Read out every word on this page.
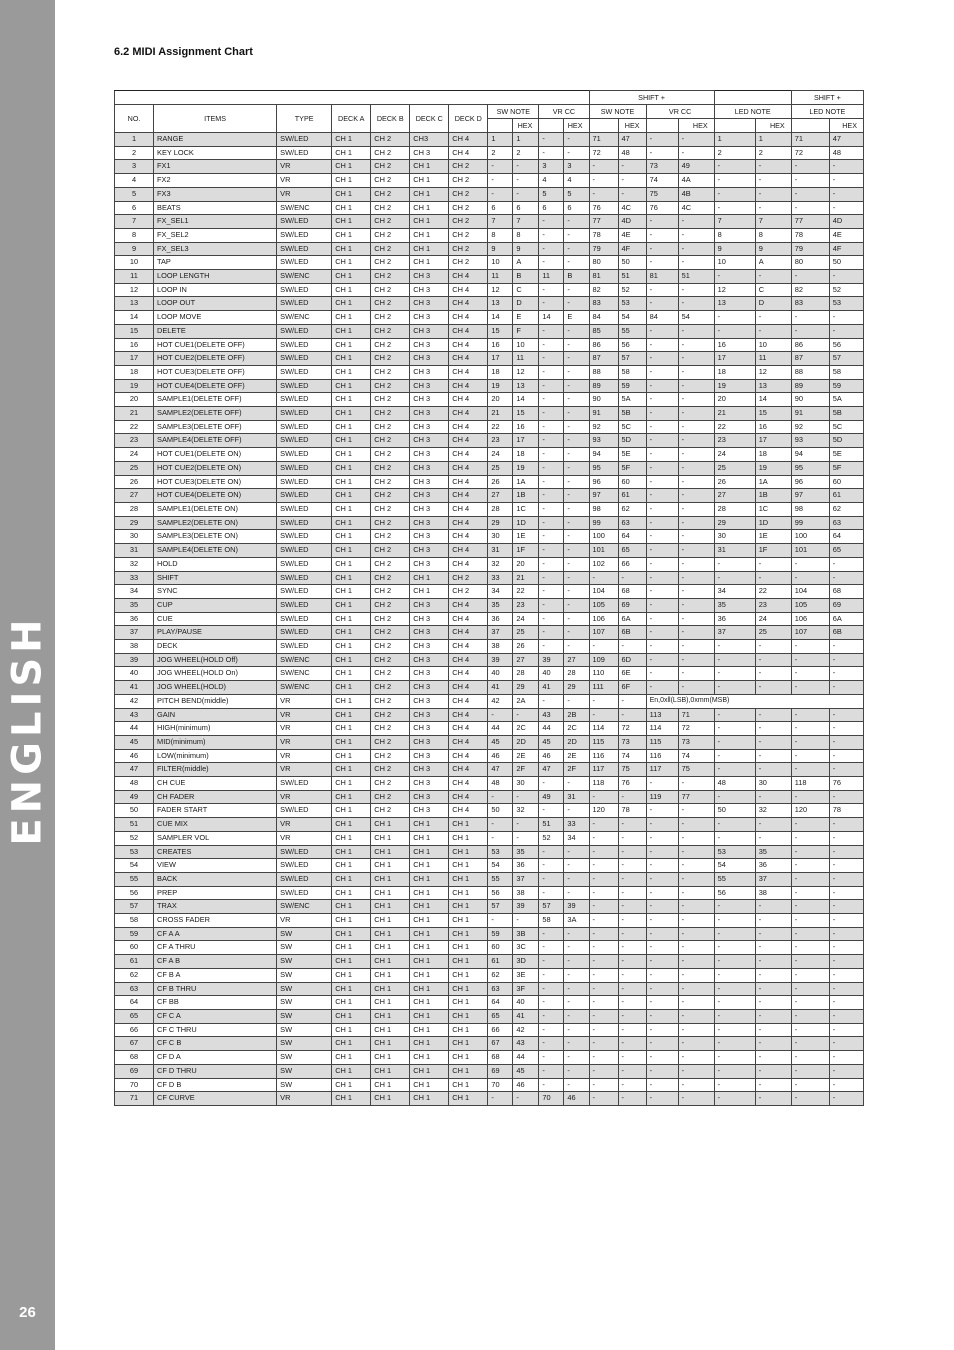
ENGLISH
26
6.2 MIDI Assignment Chart
											SHIFT +						SHIFT +	
NO.	ITEMS	TYPE	DECK A	DECK B	DECK C	DECK D	SW NOTE		VR CC		SW NOTE		VR CC		LED NOTE		LED NOTE	
								HEX		HEX		HEX		HEX		HEX		HEX
1	RANGE	SW/LED	CH 1	CH 2	CH3	CH 4	1	1	-	-	71	47	-	-	1	1	71	47
2	KEY LOCK	SW/LED	CH 1	CH 2	CH 3	CH 4	2	2	-	-	72	48	-	-	2	2	72	48
3	FX1	VR	CH 1	CH 2	CH 1	CH 2	-	-	3	3	-	-	73	49	-	-	-	-
4	FX2	VR	CH 1	CH 2	CH 1	CH 2	-	-	4	4	-	-	74	4A	-	-	-	-
5	FX3	VR	CH 1	CH 2	CH 1	CH 2	-	-	5	5	-	-	75	4B	-	-	-	-
6	BEATS	SW/ENC	CH 1	CH 2	CH 1	CH 2	6	6	6	6	76	4C	76	4C	-	-	-	-
7	FX_SEL1	SW/LED	CH 1	CH 2	CH 1	CH 2	7	7	-	-	77	4D	-	-	7	7	77	4D
8	FX_SEL2	SW/LED	CH 1	CH 2	CH 1	CH 2	8	8	-	-	78	4E	-	-	8	8	78	4E
9	FX_SEL3	SW/LED	CH 1	CH 2	CH 1	CH 2	9	9	-	-	79	4F	-	-	9	9	79	4F
10	TAP	SW/LED	CH 1	CH 2	CH 1	CH 2	10	A	-	-	80	50	-	-	10	A	80	50
11	LOOP LENGTH	SW/ENC	CH 1	CH 2	CH 3	CH 4	11	B	11	B	81	51	81	51	-	-	-	-
12	LOOP IN	SW/LED	CH 1	CH 2	CH 3	CH 4	12	C	-	-	82	52	-	-	12	C	82	52
13	LOOP OUT	SW/LED	CH 1	CH 2	CH 3	CH 4	13	D	-	-	83	53	-	-	13	D	83	53
14	LOOP MOVE	SW/ENC	CH 1	CH 2	CH 3	CH 4	14	E	14	E	84	54	84	54	-	-	-	-
15	DELETE	SW/LED	CH 1	CH 2	CH 3	CH 4	15	F	-	-	85	55	-	-	-	-	-	-
16	HOT CUE1(DELETE OFF)	SW/LED	CH 1	CH 2	CH 3	CH 4	16	10	-	-	86	56	-	-	16	10	86	56
17	HOT CUE2(DELETE OFF)	SW/LED	CH 1	CH 2	CH 3	CH 4	17	11	-	-	87	57	-	-	17	11	87	57
18	HOT CUE3(DELETE OFF)	SW/LED	CH 1	CH 2	CH 3	CH 4	18	12	-	-	88	58	-	-	18	12	88	58
19	HOT CUE4(DELETE OFF)	SW/LED	CH 1	CH 2	CH 3	CH 4	19	13	-	-	89	59	-	-	19	13	89	59
20	SAMPLE1(DELETE OFF)	SW/LED	CH 1	CH 2	CH 3	CH 4	20	14	-	-	90	5A	-	-	20	14	90	5A
21	SAMPLE2(DELETE OFF)	SW/LED	CH 1	CH 2	CH 3	CH 4	21	15	-	-	91	5B	-	-	21	15	91	5B
22	SAMPLE3(DELETE OFF)	SW/LED	CH 1	CH 2	CH 3	CH 4	22	16	-	-	92	5C	-	-	22	16	92	5C
23	SAMPLE4(DELETE OFF)	SW/LED	CH 1	CH 2	CH 3	CH 4	23	17	-	-	93	5D	-	-	23	17	93	5D
24	HOT CUE1(DELETE ON)	SW/LED	CH 1	CH 2	CH 3	CH 4	24	18	-	-	94	5E	-	-	24	18	94	5E
25	HOT CUE2(DELETE ON)	SW/LED	CH 1	CH 2	CH 3	CH 4	25	19	-	-	95	5F	-	-	25	19	95	5F
26	HOT CUE3(DELETE ON)	SW/LED	CH 1	CH 2	CH 3	CH 4	26	1A	-	-	96	60	-	-	26	1A	96	60
27	HOT CUE4(DELETE ON)	SW/LED	CH 1	CH 2	CH 3	CH 4	27	1B	-	-	97	61	-	-	27	1B	97	61
28	SAMPLE1(DELETE ON)	SW/LED	CH 1	CH 2	CH 3	CH 4	28	1C	-	-	98	62	-	-	28	1C	98	62
29	SAMPLE2(DELETE ON)	SW/LED	CH 1	CH 2	CH 3	CH 4	29	1D	-	-	99	63	-	-	29	1D	99	63
30	SAMPLE3(DELETE ON)	SW/LED	CH 1	CH 2	CH 3	CH 4	30	1E	-	-	100	64	-	-	30	1E	100	64
31	SAMPLE4(DELETE ON)	SW/LED	CH 1	CH 2	CH 3	CH 4	31	1F	-	-	101	65	-	-	31	1F	101	65
32	HOLD	SW/LED	CH 1	CH 2	CH 3	CH 4	32	20	-	-	102	66	-	-	-	-	-	-
33	SHIFT	SW/LED	CH 1	CH 2	CH 1	CH 2	33	21	-	-	-	-	-	-	-	-	-	-
34	SYNC	SW/LED	CH 1	CH 2	CH 1	CH 2	34	22	-	-	104	68	-	-	34	22	104	68
35	CUP	SW/LED	CH 1	CH 2	CH 3	CH 4	35	23	-	-	105	69	-	-	35	23	105	69
36	CUE	SW/LED	CH 1	CH 2	CH 3	CH 4	36	24	-	-	106	6A	-	-	36	24	106	6A
37	PLAY/PAUSE	SW/LED	CH 1	CH 2	CH 3	CH 4	37	25	-	-	107	6B	-	-	37	25	107	6B
38	DECK	SW/LED	CH 1	CH 2	CH 3	CH 4	38	26	-	-	-	-	-	-	-	-	-	-
39	JOG WHEEL(HOLD Off)	SW/ENC	CH 1	CH 2	CH 3	CH 4	39	27	39	27	109	6D	-	-	-	-	-	-
40	JOG WHEEL(HOLD On)	SW/ENC	CH 1	CH 2	CH 3	CH 4	40	28	40	28	110	6E	-	-	-	-	-	-
41	JOG WHEEL(HOLD)	SW/ENC	CH 1	CH 2	CH 3	CH 4	41	29	41	29	111	6F	-	-	-	-	-	-
42	PITCH BEND(middle)	VR	CH 1	CH 2	CH 3	CH 4	42	2A	-	-	-	-	En,0xll(LSB),0xmm(MSB)					
43	GAIN	VR	CH 1	CH 2	CH 3	CH 4	-	-	43	2B	-	-	113	71	-	-	-	-
44	HIGH(minimum)	VR	CH 1	CH 2	CH 3	CH 4	44	2C	44	2C	114	72	114	72	-	-	-	-
45	MID(minimum)	VR	CH 1	CH 2	CH 3	CH 4	45	2D	45	2D	115	73	115	73	-	-	-	-
46	LOW(minimum)	VR	CH 1	CH 2	CH 3	CH 4	46	2E	46	2E	116	74	116	74	-	-	-	-
47	FILTER(middle)	VR	CH 1	CH 2	CH 3	CH 4	47	2F	47	2F	117	75	117	75	-	-	-	-
48	CH CUE	SW/LED	CH 1	CH 2	CH 3	CH 4	48	30	-	-	118	76	-	-	48	30	118	76
49	CH FADER	VR	CH 1	CH 2	CH 3	CH 4	-	-	49	31	-	-	119	77	-	-	-	-
50	FADER START	SW/LED	CH 1	CH 2	CH 3	CH 4	50	32	-	-	120	78	-	-	50	32	120	78
51	CUE MIX	VR	CH 1	CH 1	CH 1	CH 1	-	-	51	33	-	-	-	-	-	-	-	-
52	SAMPLER VOL	VR	CH 1	CH 1	CH 1	CH 1	-	-	52	34	-	-	-	-	-	-	-	-
53	CREATES	SW/LED	CH 1	CH 1	CH 1	CH 1	53	35	-	-	-	-	-	-	53	35	-	-
54	VIEW	SW/LED	CH 1	CH 1	CH 1	CH 1	54	36	-	-	-	-	-	-	54	36	-	-
55	BACK	SW/LED	CH 1	CH 1	CH 1	CH 1	55	37	-	-	-	-	-	-	55	37	-	-
56	PREP	SW/LED	CH 1	CH 1	CH 1	CH 1	56	38	-	-	-	-	-	-	56	38	-	-
57	TRAX	SW/ENC	CH 1	CH 1	CH 1	CH 1	57	39	57	39	-	-	-	-	-	-	-	-
58	CROSS FADER	VR	CH 1	CH 1	CH 1	CH 1	-	-	58	3A	-	-	-	-	-	-	-	-
59	CF A A	SW	CH 1	CH 1	CH 1	CH 1	59	3B	-	-	-	-	-	-	-	-	-	-
60	CF A THRU	SW	CH 1	CH 1	CH 1	CH 1	60	3C	-	-	-	-	-	-	-	-	-	-
61	CF A B	SW	CH 1	CH 1	CH 1	CH 1	61	3D	-	-	-	-	-	-	-	-	-	-
62	CF B A	SW	CH 1	CH 1	CH 1	CH 1	62	3E	-	-	-	-	-	-	-	-	-	-
63	CF B THRU	SW	CH 1	CH 1	CH 1	CH 1	63	3F	-	-	-	-	-	-	-	-	-	-
64	CF BB	SW	CH 1	CH 1	CH 1	CH 1	64	40	-	-	-	-	-	-	-	-	-	-
65	CF C A	SW	CH 1	CH 1	CH 1	CH 1	65	41	-	-	-	-	-	-	-	-	-	-
66	CF C THRU	SW	CH 1	CH 1	CH 1	CH 1	66	42	-	-	-	-	-	-	-	-	-	-
67	CF C B	SW	CH 1	CH 1	CH 1	CH 1	67	43	-	-	-	-	-	-	-	-	-	-
68	CF D A	SW	CH 1	CH 1	CH 1	CH 1	68	44	-	-	-	-	-	-	-	-	-	-
69	CF D THRU	SW	CH 1	CH 1	CH 1	CH 1	69	45	-	-	-	-	-	-	-	-	-	-
70	CF D B	SW	CH 1	CH 1	CH 1	CH 1	70	46	-	-	-	-	-	-	-	-	-	-
71	CF CURVE	VR	CH 1	CH 1	CH 1	CH 1	-	-	70	46	-	-	-	-	-	-	-	-
